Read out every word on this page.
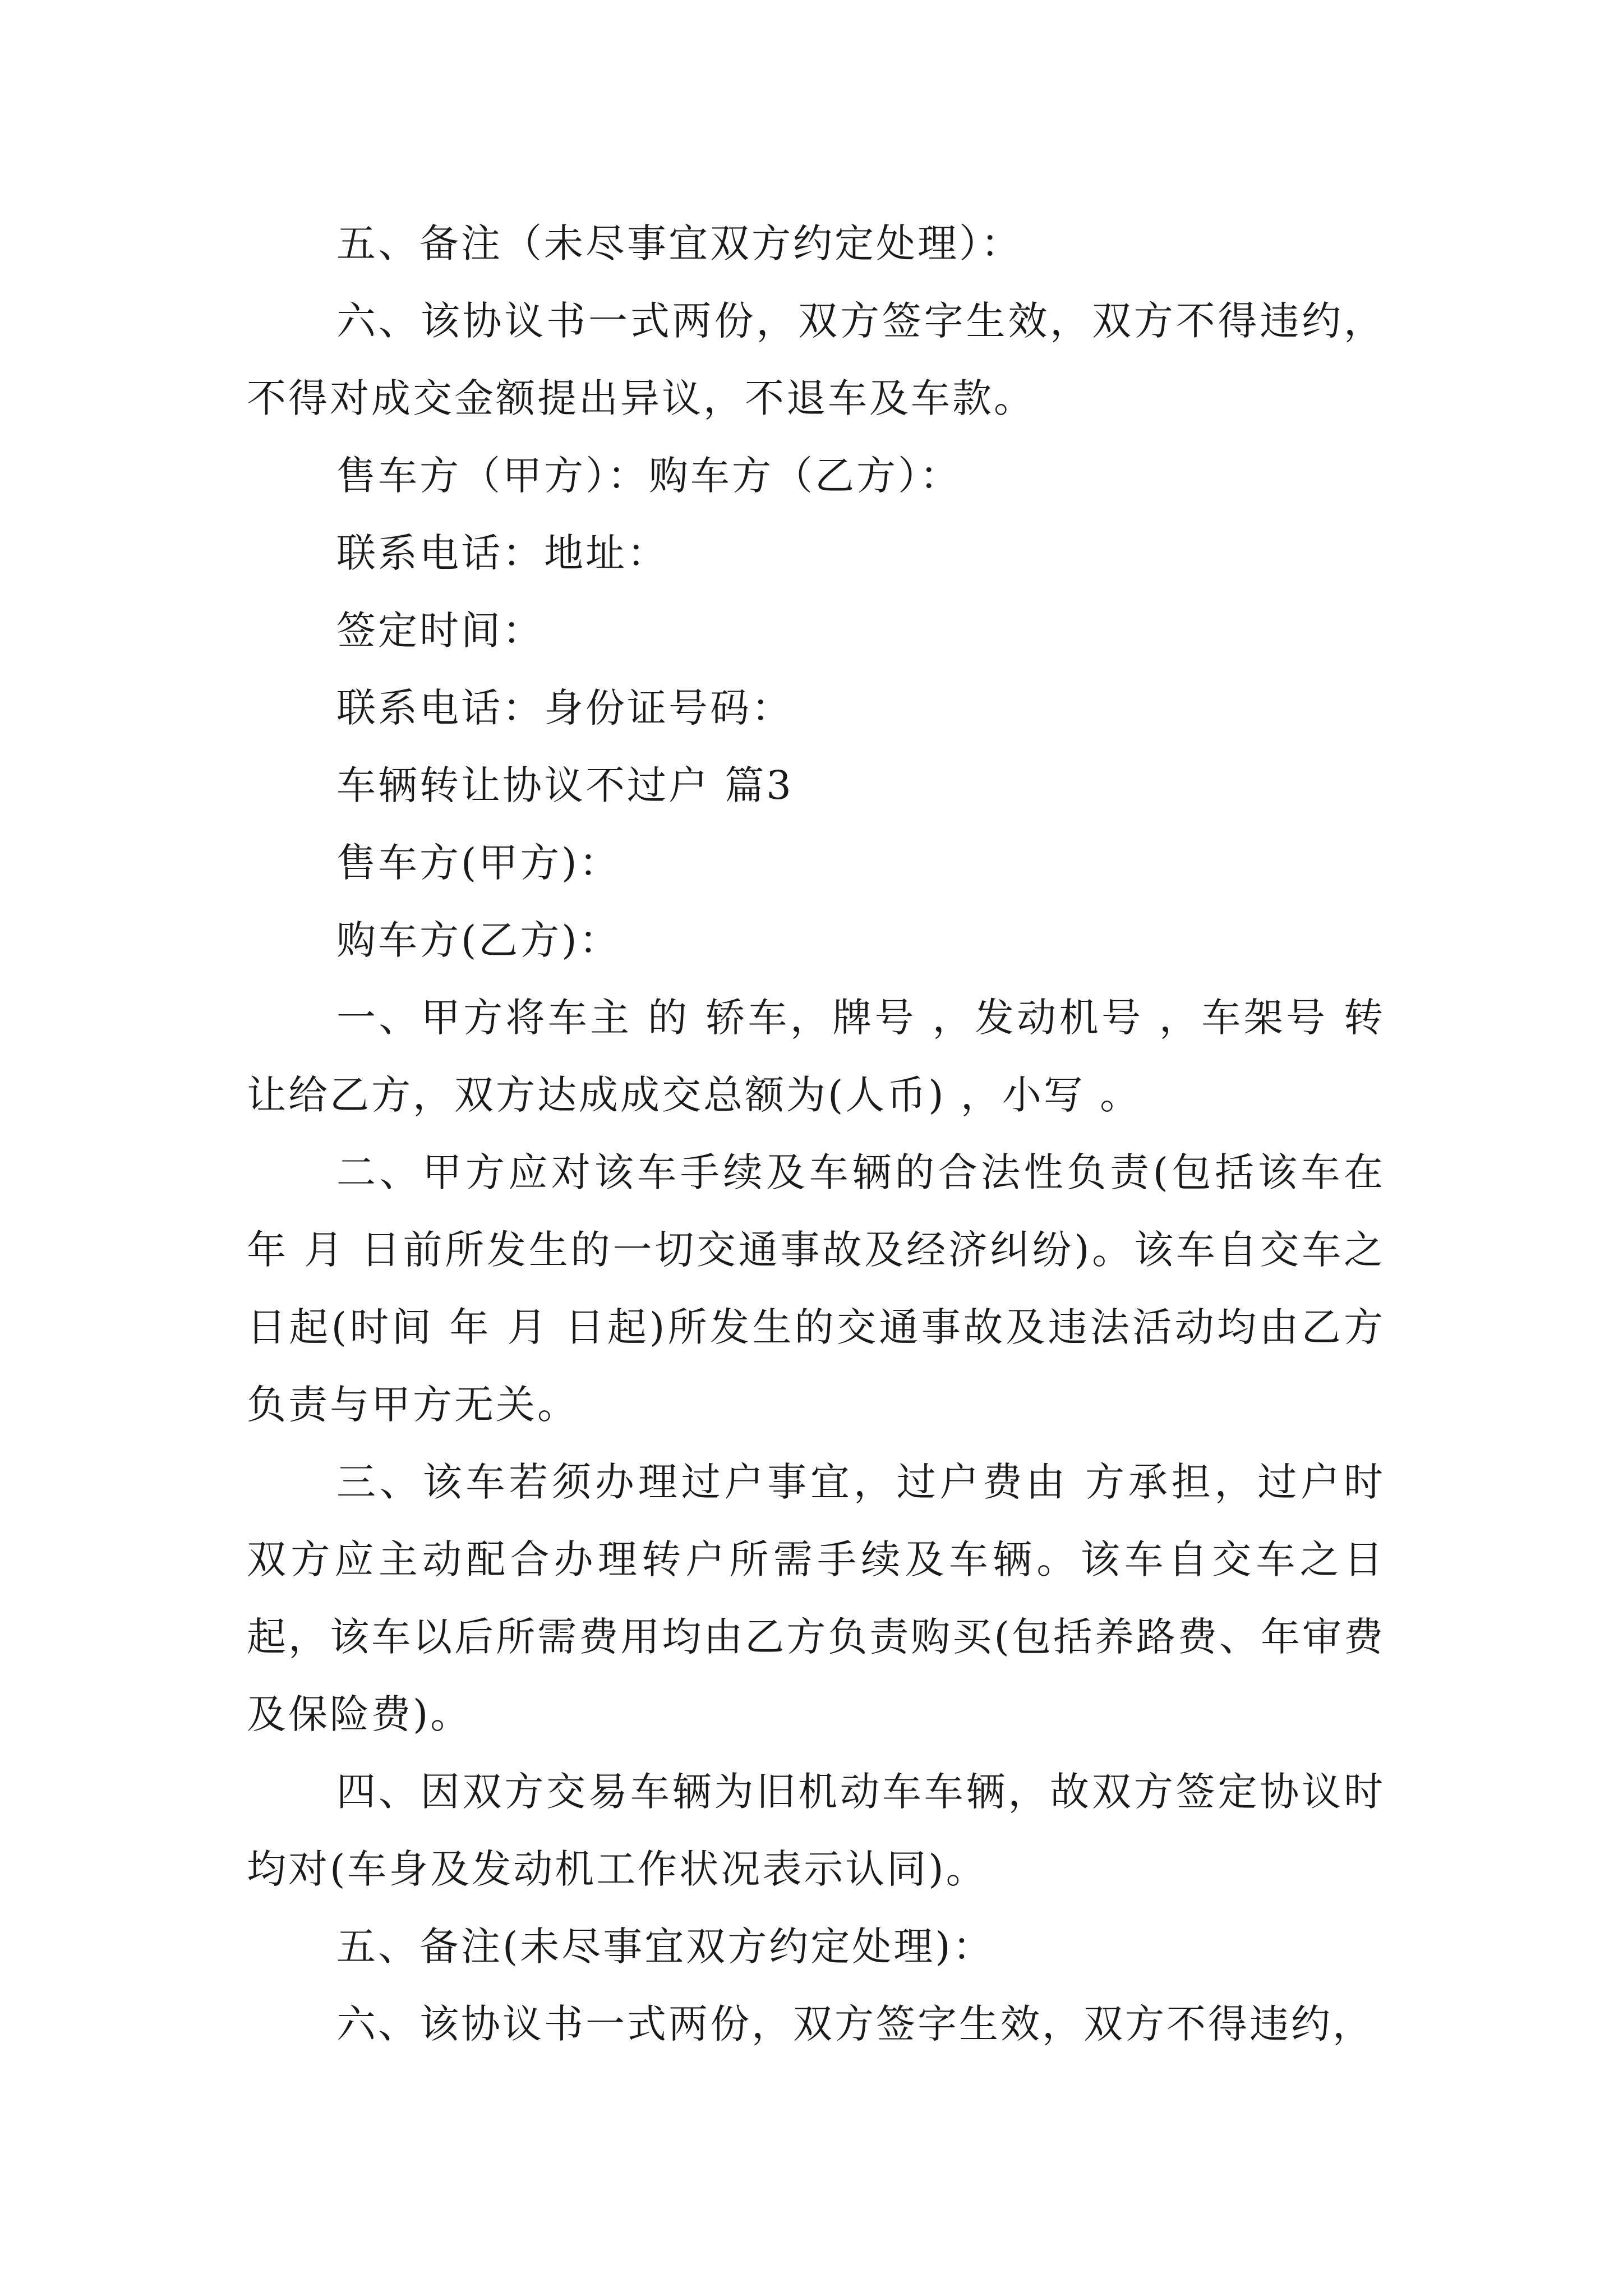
五、备注（未尽事宜双方约定处理）：

六、该协议书一式两份，双方签字生效，双方不得违约，不得对成交金额提出异议，不退车及车款。

售车方（甲方）：购车方（乙方）：

联系电话：地址：

签定时间：

联系电话：身份证号码：

车辆转让协议不过户 篇3

售车方(甲方)：

购车方(乙方)：

一、甲方将车主 的 轿车，牌号 ，发动机号 ，车架号 转让给乙方，双方达成成交总额为(人币) ，小写 。

二、甲方应对该车手续及车辆的合法性负责(包括该车在 年 月 日前所发生的一切交通事故及经济纠纷)。该车自交车之日起(时间 年 月 日起)所发生的交通事故及违法活动均由乙方负责与甲方无关。

三、该车若须办理过户事宜，过户费由 方承担，过户时双方应主动配合办理转户所需手续及车辆。该车自交车之日起，该车以后所需费用均由乙方负责购买(包括养路费、年审费及保险费)。

四、因双方交易车辆为旧机动车车辆，故双方签定协议时均对(车身及发动机工作状况表示认同)。

五、备注(未尽事宜双方约定处理)：

六、该协议书一式两份，双方签字生效，双方不得违约，
